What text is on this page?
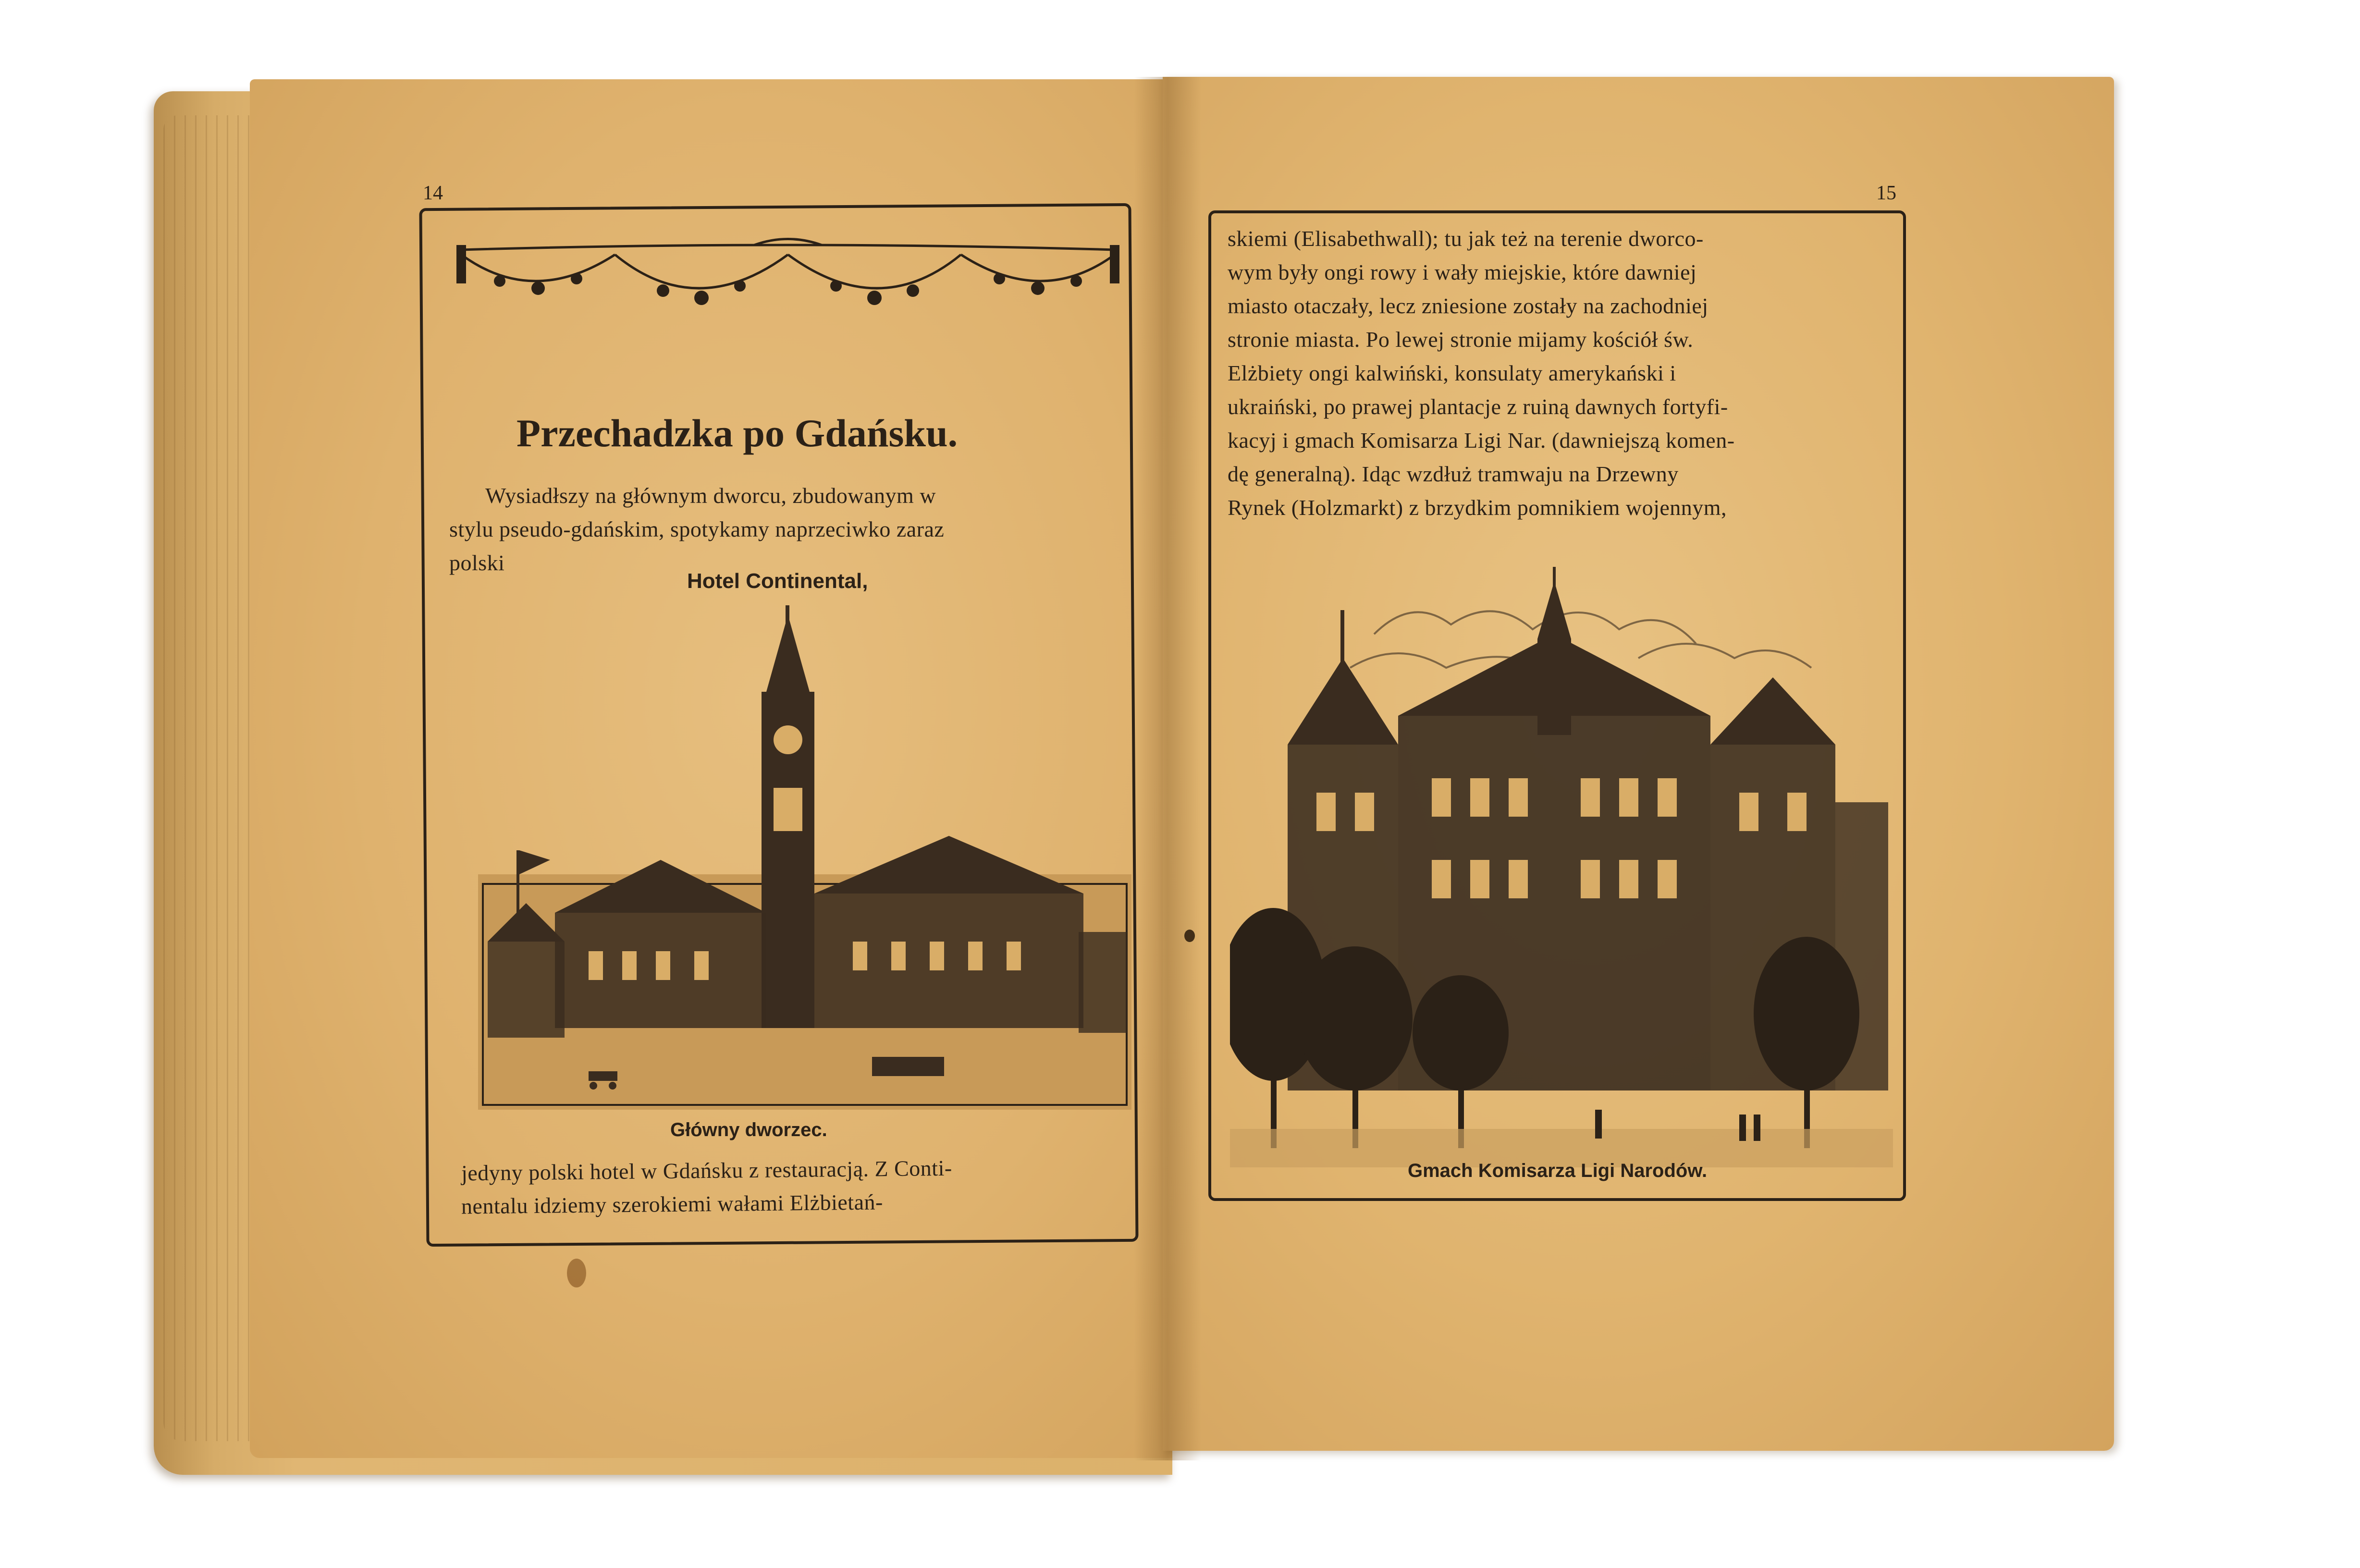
14
Przechadzka po Gdańsku.
Wysiadłszy na głównym dworcu, zbudowanym w
stylu pseudo-gdańskim, spotykamy naprzeciwko zaraz
polski
Hotel Continental,
Główny dworzec.
jedyny polski hotel w Gdańsku z restauracją. Z Conti-
nentalu idziemy szerokiemi wałami Elżbietań-
15
skiemi (Elisabethwall); tu jak też na terenie dworco-
wym były ongi rowy i wały miejskie, które dawniej
miasto otaczały, lecz zniesione zostały na zachodniej
stronie miasta. Po lewej stronie mijamy kościół św.
Elżbiety ongi kalwiński, konsulaty amerykański i
ukraiński, po prawej plantacje z ruiną dawnych fortyfi-
kacyj i gmach Komisarza Ligi Nar. (dawniejszą komen-
dę generalną). Idąc wzdłuż tramwaju na Drzewny
Rynek (Holzmarkt) z brzydkim pomnikiem wojennym,
Gmach Komisarza Ligi Narodów.
